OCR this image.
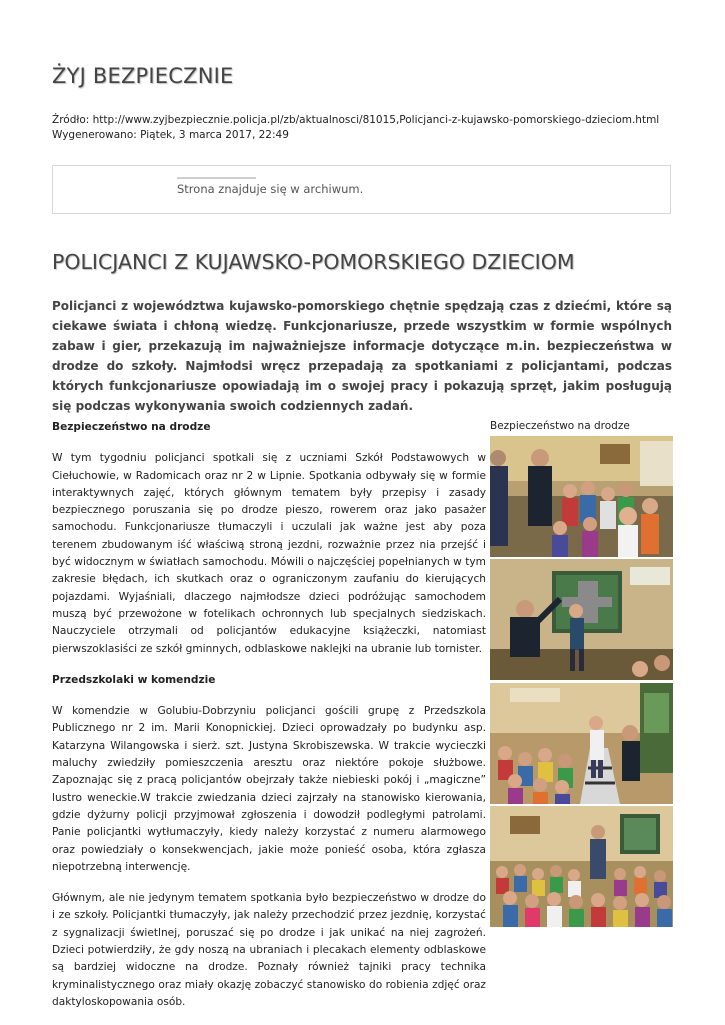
ŻYJ BEZPIECZNIE
Źródło: http://www.zyjbezpiecznie.policja.pl/zb/aktualnosci/81015,Policjanci-z-kujawsko-pomorskiego-dzieciom.html
Wygenerowano: Piątek, 3 marca 2017, 22:49
Strona znajduje się w archiwum.
POLICJANCI Z KUJAWSKO-POMORSKIEGO DZIECIOM

Policjanci z województwa kujawsko-pomorskiego chętnie spędzają czas z dziećmi, które są ciekawe świata i chłoną wiedzę. Funkcjonariusze, przede wszystkim w formie wspólnych zabaw i gier, przekazują im najważniejsze informacje dotyczące m.in. bezpieczeństwa w drodze do szkoły. Najmłodsi wręcz przepadają za spotkaniami z policjantami, podczas których funkcjonariusze opowiadają im o swojej pracy i pokazują sprzęt, jakim posługują się podczas wykonywania swoich codziennych zadań.

Bezpieczeństwo na drodze

W tym tygodniu policjanci spotkali się z uczniami Szkół Podstawowych w Ciełuchowie, w Radomicach oraz nr 2 w Lipnie. Spotkania odbywały się w formie interaktywnych zajęć, których głównym tematem były przepisy i zasady bezpiecznego poruszania się po drodze pieszo, rowerem oraz jako pasażer samochodu. Funkcjonariusze tłumaczyli i uczulali jak ważne jest aby poza terenem zbudowanym iść właściwą stroną jezdni, rozważnie przez nia przejść i być widocznym w światłach samochodu. Mówili o najczęściej popełnianych w tym zakresie błędach, ich skutkach oraz o ograniczonym zaufaniu do kierujących pojazdami. Wyjaśniali, dlaczego najmłodsze dzieci podróżując samochodem muszą być przewożone w fotelikach ochronnych lub specjalnych siedziskach. Nauczyciele otrzymali od policjantów edukacyjne książeczki, natomiast pierwszoklasiści ze szkół gminnych, odblaskowe naklejki na ubranie lub tornister.

Przedszkolaki w komendzie

W komendzie w Golubiu-Dobrzyniu policjanci gościli grupę z Przedszkola Publicznego nr 2 im. Marii Konopnickiej. Dzieci oprowadzały po budynku asp. Katarzyna Wilangowska i sierż. szt. Justyna Skrobiszewska. W trakcie wycieczki maluchy zwiedziły pomieszczenia aresztu oraz niektóre pokoje służbowe. Zapoznając się z pracą policjantów obejrzały także niebieski pokój i „magiczne” lustro weneckie.W trakcie zwiedzania dzieci zajrzały na stanowisko kierowania, gdzie dyżurny policji przyjmował zgłoszenia i dowodził podległymi patrolami. Panie policjantki wytłumaczyły, kiedy należy korzystać z numeru alarmowego oraz powiedziały o konsekwencjach, jakie może ponieść osoba, która zgłasza niepotrzebną interwencję.

Głównym, ale nie jedynym tematem spotkania było bezpieczeństwo w drodze do i ze szkoły. Policjantki tłumaczyły, jak należy przechodzić przez jezdnię, korzystać z sygnalizacji świetlnej, poruszać się po drodze i jak unikać na niej zagrożeń. Dzieci potwierdziły, że gdy noszą na ubraniach i plecakach elementy odblaskowe są bardziej widoczne na drodze. Poznały również tajniki pracy technika kryminalistycznego oraz miały okazję zobaczyć stanowisko do robienia zdjęć oraz daktyloskopowania osób.

Bezpieczeństwo na drodze
